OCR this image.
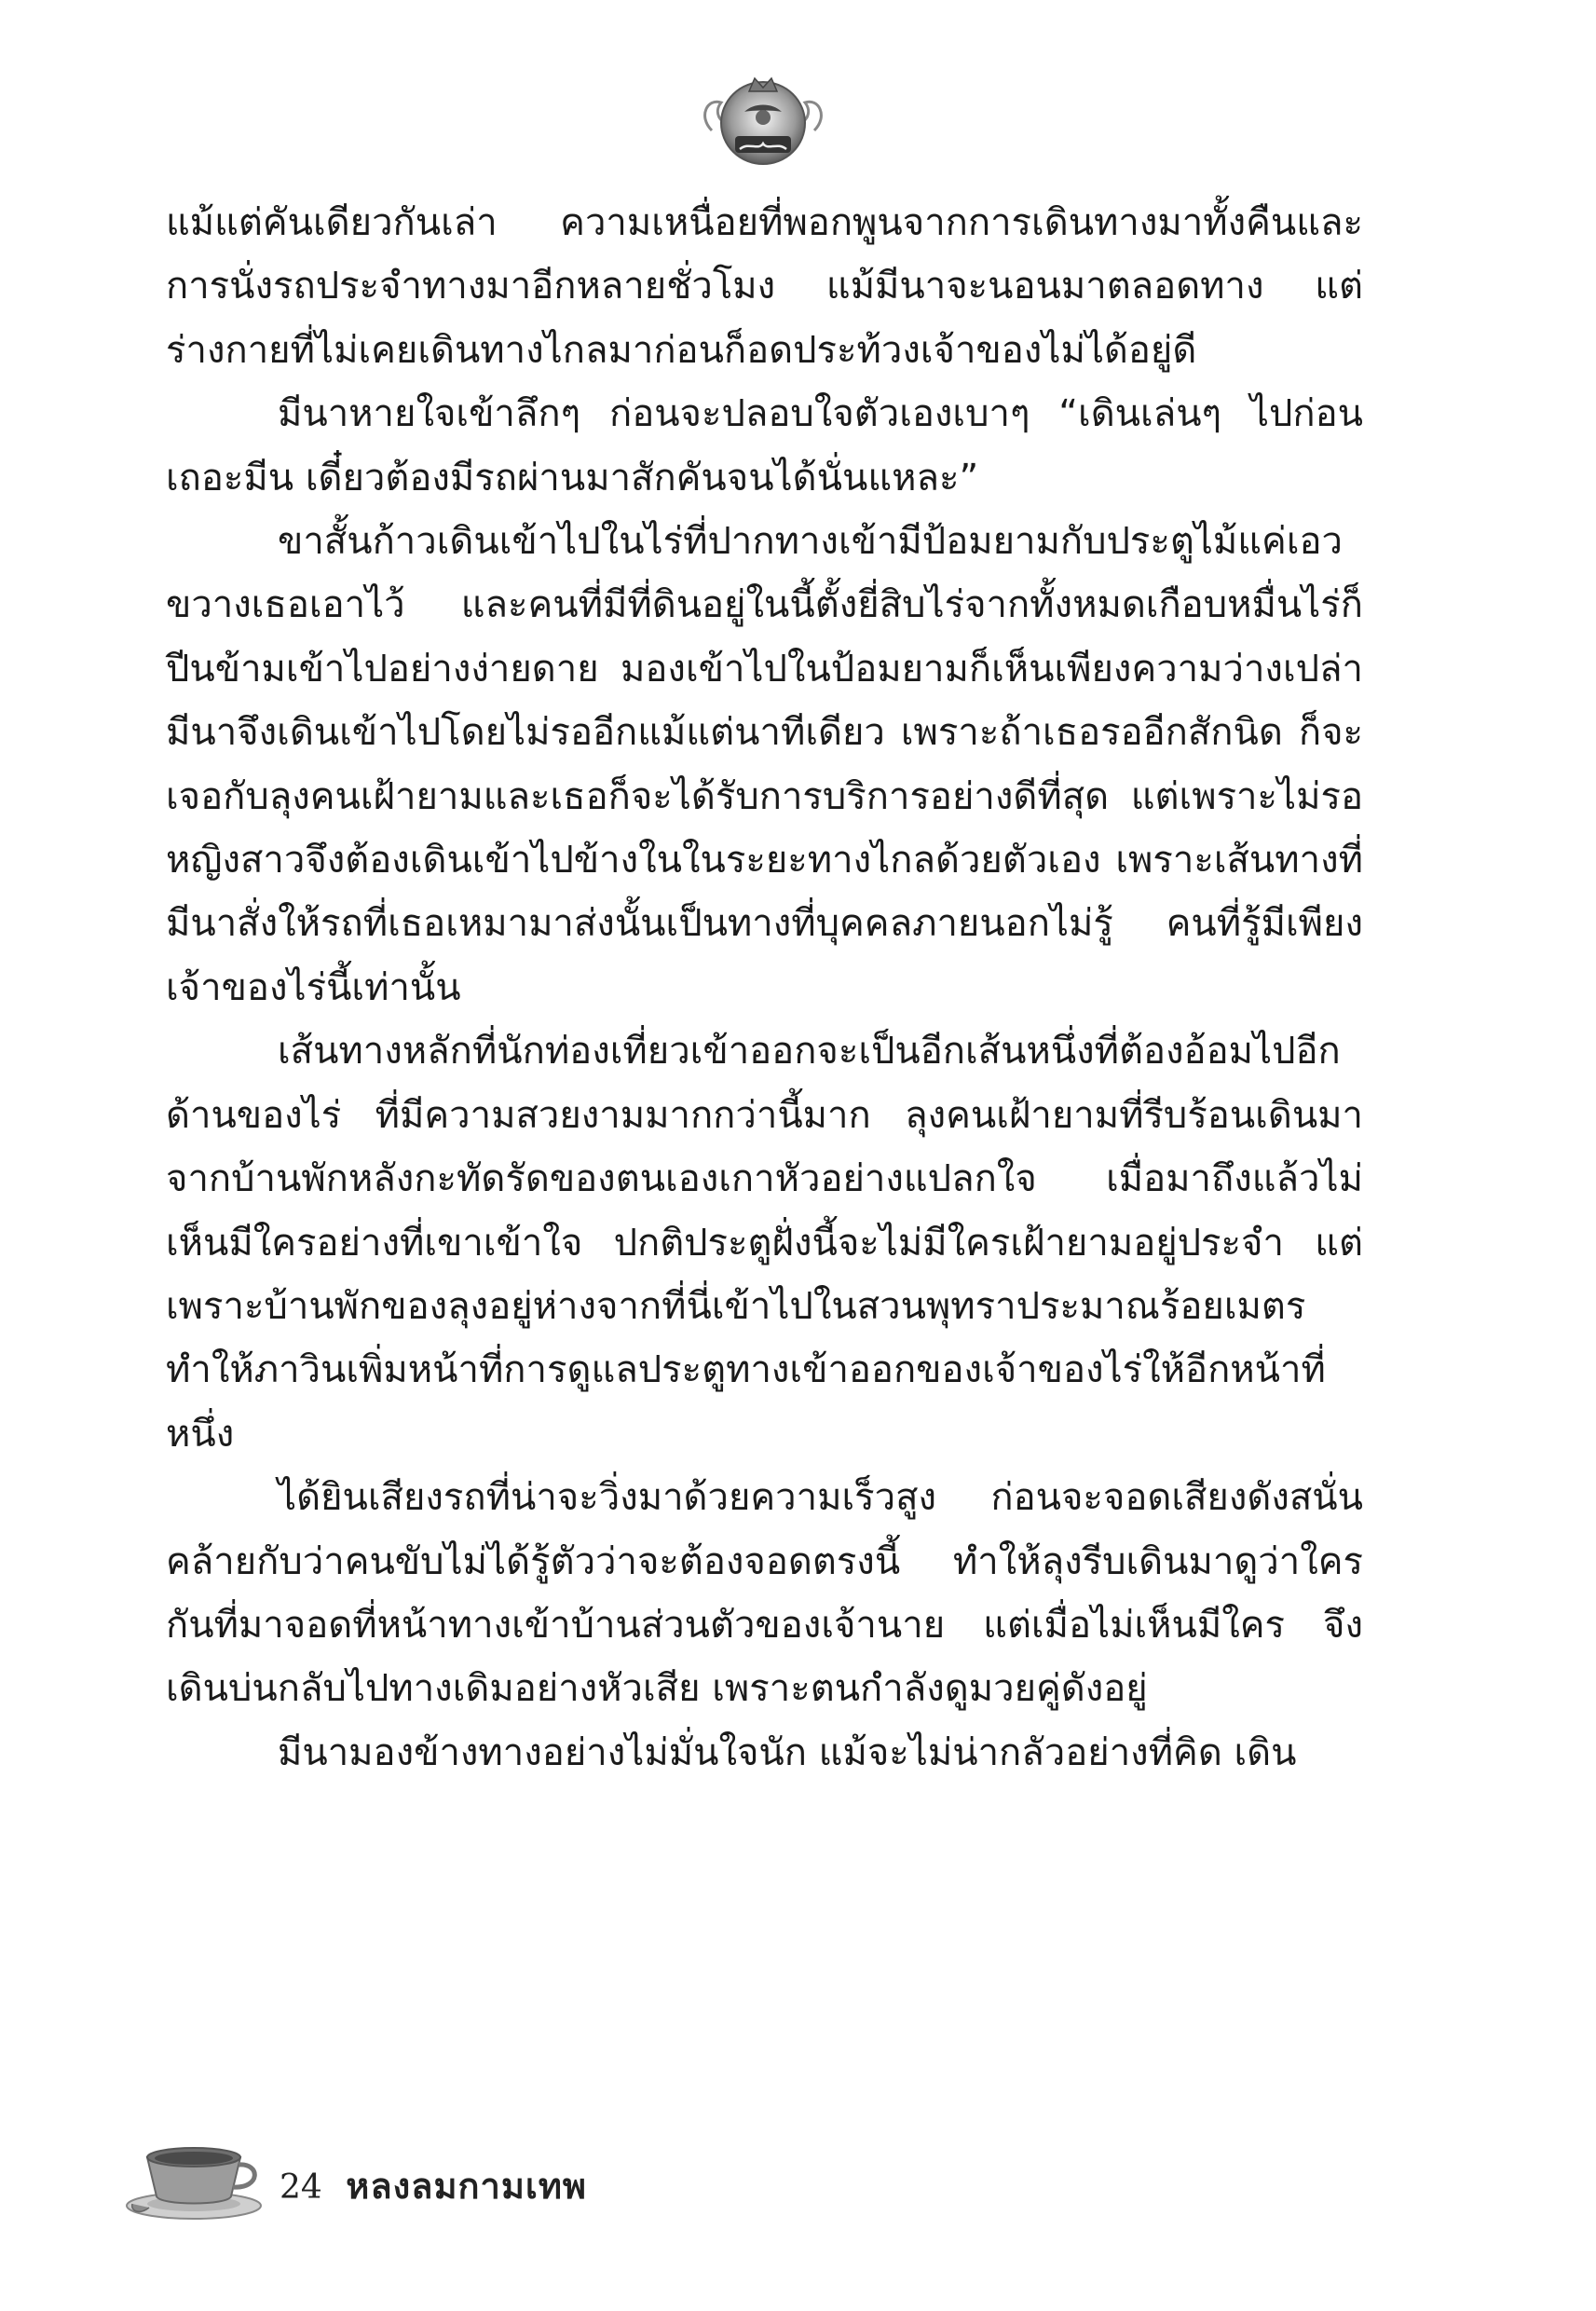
แม้แต่คันเดียวกันเล่า ความเหนื่อยที่พอกพูนจากการเดินทางมาทั้งคืนและการนั่งรถประจำทางมาอีกหลายชั่วโมง แม้มีนาจะนอนมาตลอดทาง แต่ร่างกายที่ไม่เคยเดินทางไกลมาก่อนก็อดประท้วงเจ้าของไม่ได้อยู่ดี

มีนาหายใจเข้าลึกๆ ก่อนจะปลอบใจตัวเองเบาๆ “เดินเล่นๆ ไปก่อนเถอะมีน เดี๋ยวต้องมีรถผ่านมาสักคันจนได้นั่นแหละ”

ขาสั้นก้าวเดินเข้าไปในไร่ที่ปากทางเข้ามีป้อมยามกับประตูไม้แค่เอวขวางเธอเอาไว้ และคนที่มีที่ดินอยู่ในนี้ตั้งยี่สิบไร่จากทั้งหมดเกือบหมื่นไร่ก็ปีนข้ามเข้าไปอย่างง่ายดาย มองเข้าไปในป้อมยามก็เห็นเพียงความว่างเปล่า มีนาจึงเดินเข้าไปโดยไม่รออีกแม้แต่นาทีเดียว เพราะถ้าเธอรออีกสักนิด ก็จะเจอกับลุงคนเฝ้ายามและเธอก็จะได้รับการบริการอย่างดีที่สุด แต่เพราะไม่รอ หญิงสาวจึงต้องเดินเข้าไปข้างในในระยะทางไกลด้วยตัวเอง เพราะเส้นทางที่มีนาสั่งให้รถที่เธอเหมามาส่งนั้นเป็นทางที่บุคคลภายนอกไม่รู้ คนที่รู้มีเพียงเจ้าของไร่นี้เท่านั้น

เส้นทางหลักที่นักท่องเที่ยวเข้าออกจะเป็นอีกเส้นหนึ่งที่ต้องอ้อมไปอีกด้านของไร่ ที่มีความสวยงามมากกว่านี้มาก ลุงคนเฝ้ายามที่รีบร้อนเดินมาจากบ้านพักหลังกะทัดรัดของตนเองเกาหัวอย่างแปลกใจ เมื่อมาถึงแล้วไม่เห็นมีใครอย่างที่เขาเข้าใจ ปกติประตูฝั่งนี้จะไม่มีใครเฝ้ายามอยู่ประจำ แต่เพราะบ้านพักของลุงอยู่ห่างจากที่นี่เข้าไปในสวนพุทราประมาณร้อยเมตร ทำให้ภาวินเพิ่มหน้าที่การดูแลประตูทางเข้าออกของเจ้าของไร่ให้อีกหน้าที่หนึ่ง

ได้ยินเสียงรถที่น่าจะวิ่งมาด้วยความเร็วสูง ก่อนจะจอดเสียงดังสนั่น คล้ายกับว่าคนขับไม่ได้รู้ตัวว่าจะต้องจอดตรงนี้ ทำให้ลุงรีบเดินมาดูว่าใครกันที่มาจอดที่หน้าทางเข้าบ้านส่วนตัวของเจ้านาย แต่เมื่อไม่เห็นมีใคร จึงเดินบ่นกลับไปทางเดิมอย่างหัวเสีย เพราะตนกำลังดูมวยคู่ดังอยู่

มีนามองข้างทางอย่างไม่มั่นใจนัก แม้จะไม่น่ากลัวอย่างที่คิด เดิน

24 หลงลมกามเทพ
